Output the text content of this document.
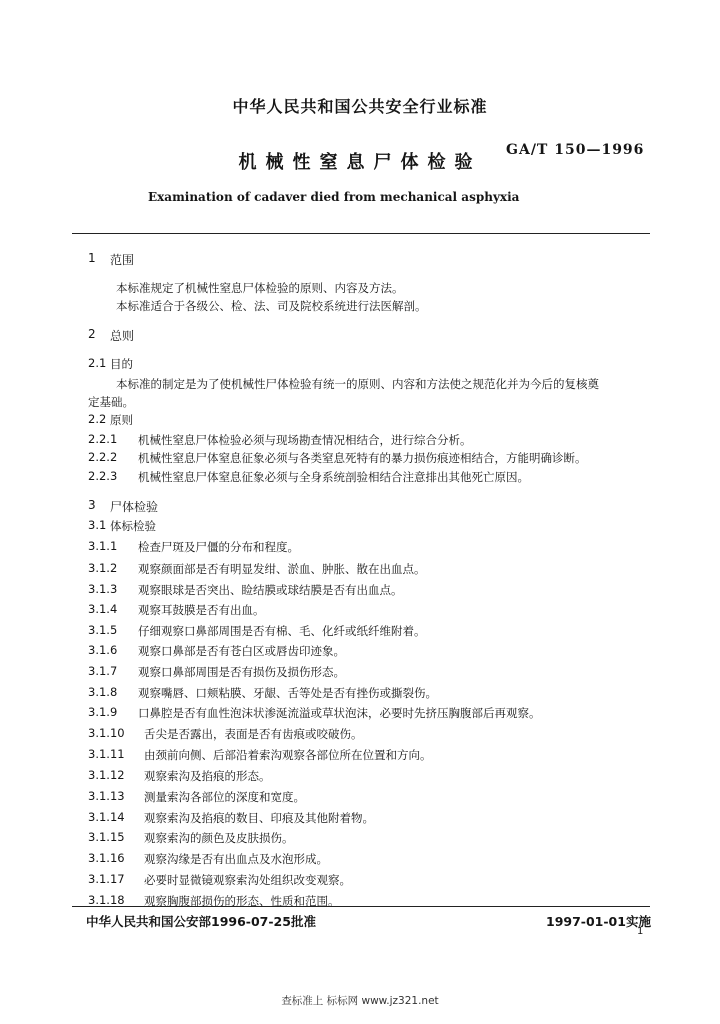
中华人民共和国公共安全行业标准
GA/T 150—1996
机械性窒息尸体检验
Examination of cadaver died from mechanical asphyxia
1 范围
本标准规定了机械性窒息尸体检验的原则、内容及方法。
本标准适合于各级公、检、法、司及院校系统进行法医解剖。
2 总则
2.1 目的
本标准的制定是为了使机械性尸体检验有统一的原则、内容和方法使之规范化并为今后的复核奠
定基础。
2.2 原则
2.2.1 机械性窒息尸体检验必须与现场勘查情况相结合，进行综合分析。
2.2.2 机械性窒息尸体窒息征象必须与各类窒息死特有的暴力损伤痕迹相结合，方能明确诊断。
2.2.3 机械性窒息尸体窒息征象必须与全身系统剖验相结合注意排出其他死亡原因。
3 尸体检验
3.1 体标检验
3.1.1 检查尸斑及尸僵的分布和程度。
3.1.2 观察颜面部是否有明显发绀、淤血、肿胀、散在出血点。
3.1.3 观察眼球是否突出、睑结膜或球结膜是否有出血点。
3.1.4 观察耳鼓膜是否有出血。
3.1.5 仔细观察口鼻部周围是否有棉、毛、化纤或纸纤维附着。
3.1.6 观察口鼻部是否有苍白区或唇齿印迹象。
3.1.7 观察口鼻部周围是否有损伤及损伤形态。
3.1.8 观察嘴唇、口颊粘膜、牙龈、舌等处是否有挫伤或撕裂伤。
3.1.9 口鼻腔是否有血性泡沫状渗涎流溢或草状泡沫，必要时先挤压胸腹部后再观察。
3.1.10 舌尖是否露出，表面是否有齿痕或咬破伤。
3.1.11 由颈前向侧、后部沿着索沟观察各部位所在位置和方向。
3.1.12 观察索沟及掐痕的形态。
3.1.13 测量索沟各部位的深度和宽度。
3.1.14 观察索沟及掐痕的数目、印痕及其他附着物。
3.1.15 观察索沟的颜色及皮肤损伤。
3.1.16 观察沟缘是否有出血点及水泡形成。
3.1.17 必要时显微镜观察索沟处组织改变观察。
3.1.18 观察胸腹部损伤的形态、性质和范围。
中华人民共和国公安部1996-07-25批准	1997-01-01实施
1
查标准上 标标网 www.jz321.net
